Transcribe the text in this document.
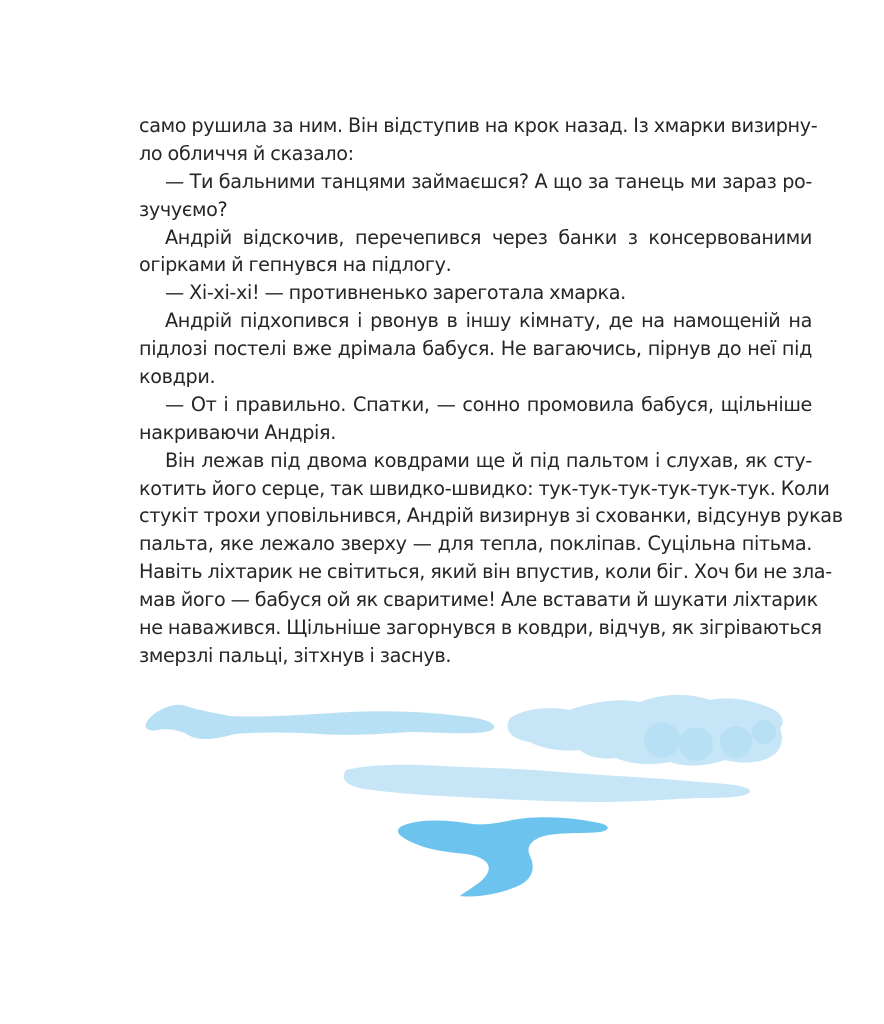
само рушила за ним. Він відступив на крок назад. Із хмарки визирну-
ло обличчя й сказало:
— Ти бальними танцями займаєшся? А що за танець ми зараз ро-
зучуємо?
Андрій відскочив, перечепився через банки з консервованими
огірками й гепнувся на підлогу.
— Хі-хі-хі! — противненько зареготала хмарка.
Андрій підхопився і рвонув в іншу кімнату, де на намощеній на
підлозі постелі вже дрімала бабуся. Не вагаючись, пірнув до неї під
ковдри.
— От і правильно. Спатки, — сонно промовила бабуся, щільніше
накриваючи Андрія.
Він лежав під двома ковдрами ще й під пальтом і слухав, як сту-
котить його серце, так швидко-швидко: тук-тук-тук-тук-тук-тук. Коли
стукіт трохи уповільнився, Андрій визирнув зі схованки, відсунув рукав
пальта, яке лежало зверху — для тепла, покліпав. Суцільна пітьма.
Навіть ліхтарик не світиться, який він впустив, коли біг. Хоч би не зла-
мав його — бабуся ой як сваритиме! Але вставати й шукати ліхтарик
не наважився. Щільніше загорнувся в ковдри, відчув, як зігріваються
змерзлі пальці, зітхнув і заснув.
